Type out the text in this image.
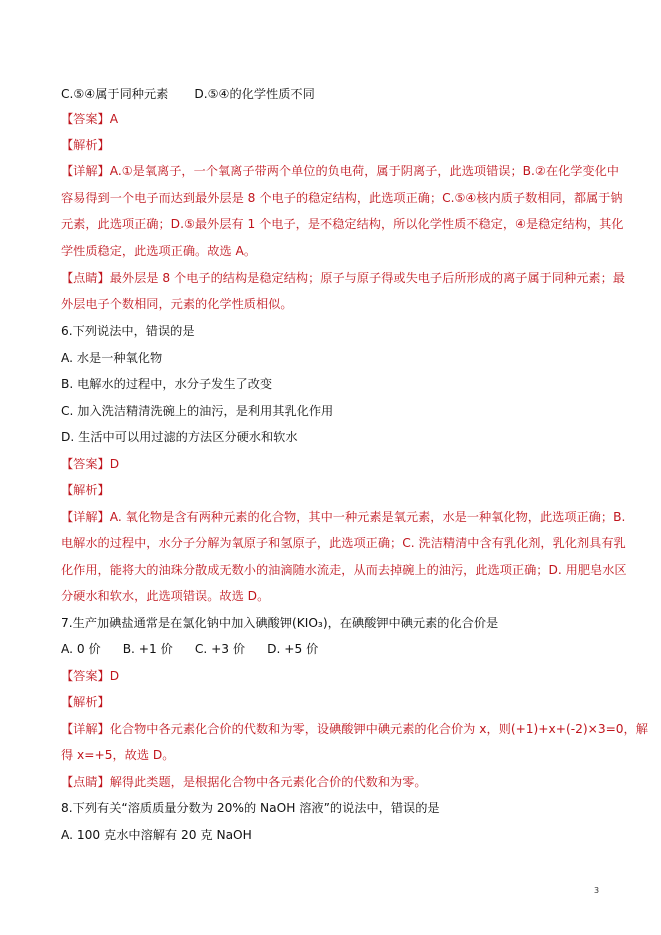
C.⑤④属于同种元素 D.⑤④的化学性质不同
【答案】A
【解析】
【详解】A.①是氧离子，一个氧离子带两个单位的负电荷，属于阴离子，此选项错误；B.②在化学变化中
容易得到一个电子而达到最外层是 8 个电子的稳定结构，此选项正确；C.⑤④核内质子数相同，都属于钠
元素，此选项正确；D.⑤最外层有 1 个电子，是不稳定结构，所以化学性质不稳定，④是稳定结构，其化
学性质稳定，此选项正确。故选 A。
【点睛】最外层是 8 个电子的结构是稳定结构；原子与原子得或失电子后所形成的离子属于同种元素；最
外层电子个数相同，元素的化学性质相似。
6.下列说法中，错误的是
A. 水是一种氧化物
B. 电解水的过程中，水分子发生了改变
C. 加入洗洁精清洗碗上的油污，是利用其乳化作用
D. 生活中可以用过滤的方法区分硬水和软水
【答案】D
【解析】
【详解】A. 氧化物是含有两种元素的化合物，其中一种元素是氧元素，水是一种氧化物，此选项正确；B.
电解水的过程中，水分子分解为氧原子和氢原子，此选项正确；C. 洗洁精清中含有乳化剂，乳化剂具有乳
化作用，能将大的油珠分散成无数小的油滴随水流走，从而去掉碗上的油污，此选项正确；D. 用肥皂水区
分硬水和软水，此选项错误。故选 D。
7.生产加碘盐通常是在氯化钠中加入碘酸钾(KIO₃)，在碘酸钾中碘元素的化合价是
A. 0 价 B. +1 价 C. +3 价 D. +5 价
【答案】D
【解析】
【详解】化合物中各元素化合价的代数和为零，设碘酸钾中碘元素的化合价为 x，则(+1)+x+(-2)×3=0，解
得 x=+5，故选 D。
【点睛】解得此类题，是根据化合物中各元素化合价的代数和为零。
8.下列有关“溶质质量分数为 20%的 NaOH 溶液”的说法中，错误的是
A. 100 克水中溶解有 20 克 NaOH
3
